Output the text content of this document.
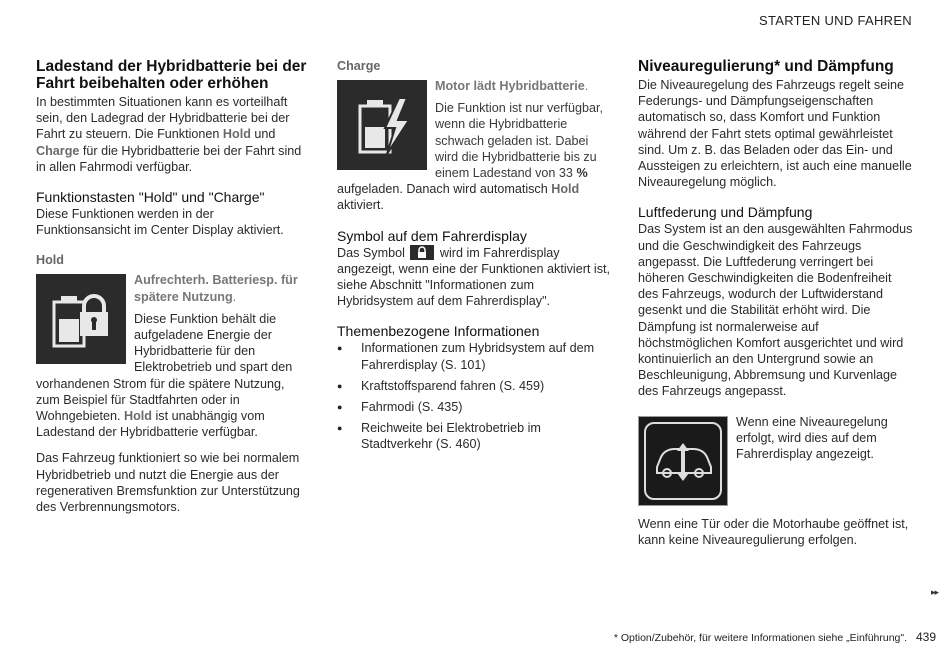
STARTEN UND FAHREN
Ladestand der Hybridbatterie bei der Fahrt beibehalten oder erhöhen

In bestimmten Situationen kann es vorteilhaft sein, den Ladegrad der Hybridbatterie bei der Fahrt zu steuern. Die Funktionen Hold und Charge für die Hybridbatterie bei der Fahrt sind in allen Fahrmodi verfügbar.

Funktionstasten "Hold" und "Charge"

Diese Funktionen werden in der Funktionsansicht im Center Display aktiviert.

Hold

Aufrechterh. Batteriesp. für spätere Nutzung.

Diese Funktion behält die aufgeladene Energie der Hybridbatterie für den Elektrobetrieb und spart den vorhandenen Strom für die spätere Nutzung, zum Beispiel für Stadtfahrten oder in Wohngebieten. Hold ist unabhängig vom Ladestand der Hybridbatterie verfügbar.

Das Fahrzeug funktioniert so wie bei normalem Hybridbetrieb und nutzt die Energie aus der regenerativen Bremsfunktion zur Unterstützung des Verbrennungsmotors.

Charge

Motor lädt Hybridbatterie.

Die Funktion ist nur verfügbar, wenn die Hybridbatterie schwach geladen ist. Dabei wird die Hybridbatterie bis zu einem Ladestand von 33 % aufgeladen. Danach wird automatisch Hold aktiviert.

Symbol auf dem Fahrerdisplay

Das Symbol  wird im Fahrerdisplay angezeigt, wenn eine der Funktionen aktiviert ist, siehe Abschnitt "Informationen zum Hybridsystem auf dem Fahrerdisplay".

Themenbezogene Informationen
● Informationen zum Hybridsystem auf dem Fahrerdisplay (S. 101)
● Kraftstoffsparend fahren (S. 459)
● Fahrmodi (S. 435)
● Reichweite bei Elektrobetrieb im Stadtverkehr (S. 460)
Niveauregulierung* und Dämpfung

Die Niveauregelung des Fahrzeugs regelt seine Federungs- und Dämpfungseigenschaften automatisch so, dass Komfort und Funktion während der Fahrt stets optimal gewährleistet sind. Um z. B. das Beladen oder das Ein- und Aussteigen zu erleichtern, ist auch eine manuelle Niveauregelung möglich.

Luftfederung und Dämpfung

Das System ist an den ausgewählten Fahrmodus und die Geschwindigkeit des Fahrzeugs angepasst. Die Luftfederung verringert bei höheren Geschwindigkeiten die Bodenfreiheit des Fahrzeugs, wodurch der Luftwiderstand gesenkt und die Stabilität erhöht wird. Die Dämpfung ist normalerweise auf höchstmöglichen Komfort ausgerichtet und wird kontinuierlich an den Untergrund sowie an Beschleunigung, Abbremsung und Kurvenlage des Fahrzeugs angepasst.

Wenn eine Niveauregelung erfolgt, wird dies auf dem Fahrerdisplay angezeigt.

Wenn eine Tür oder die Motorhaube geöffnet ist, kann keine Niveauregulierung erfolgen.

▸▸
* Option/Zubehör, für weitere Informationen siehe „Einführung". 439
